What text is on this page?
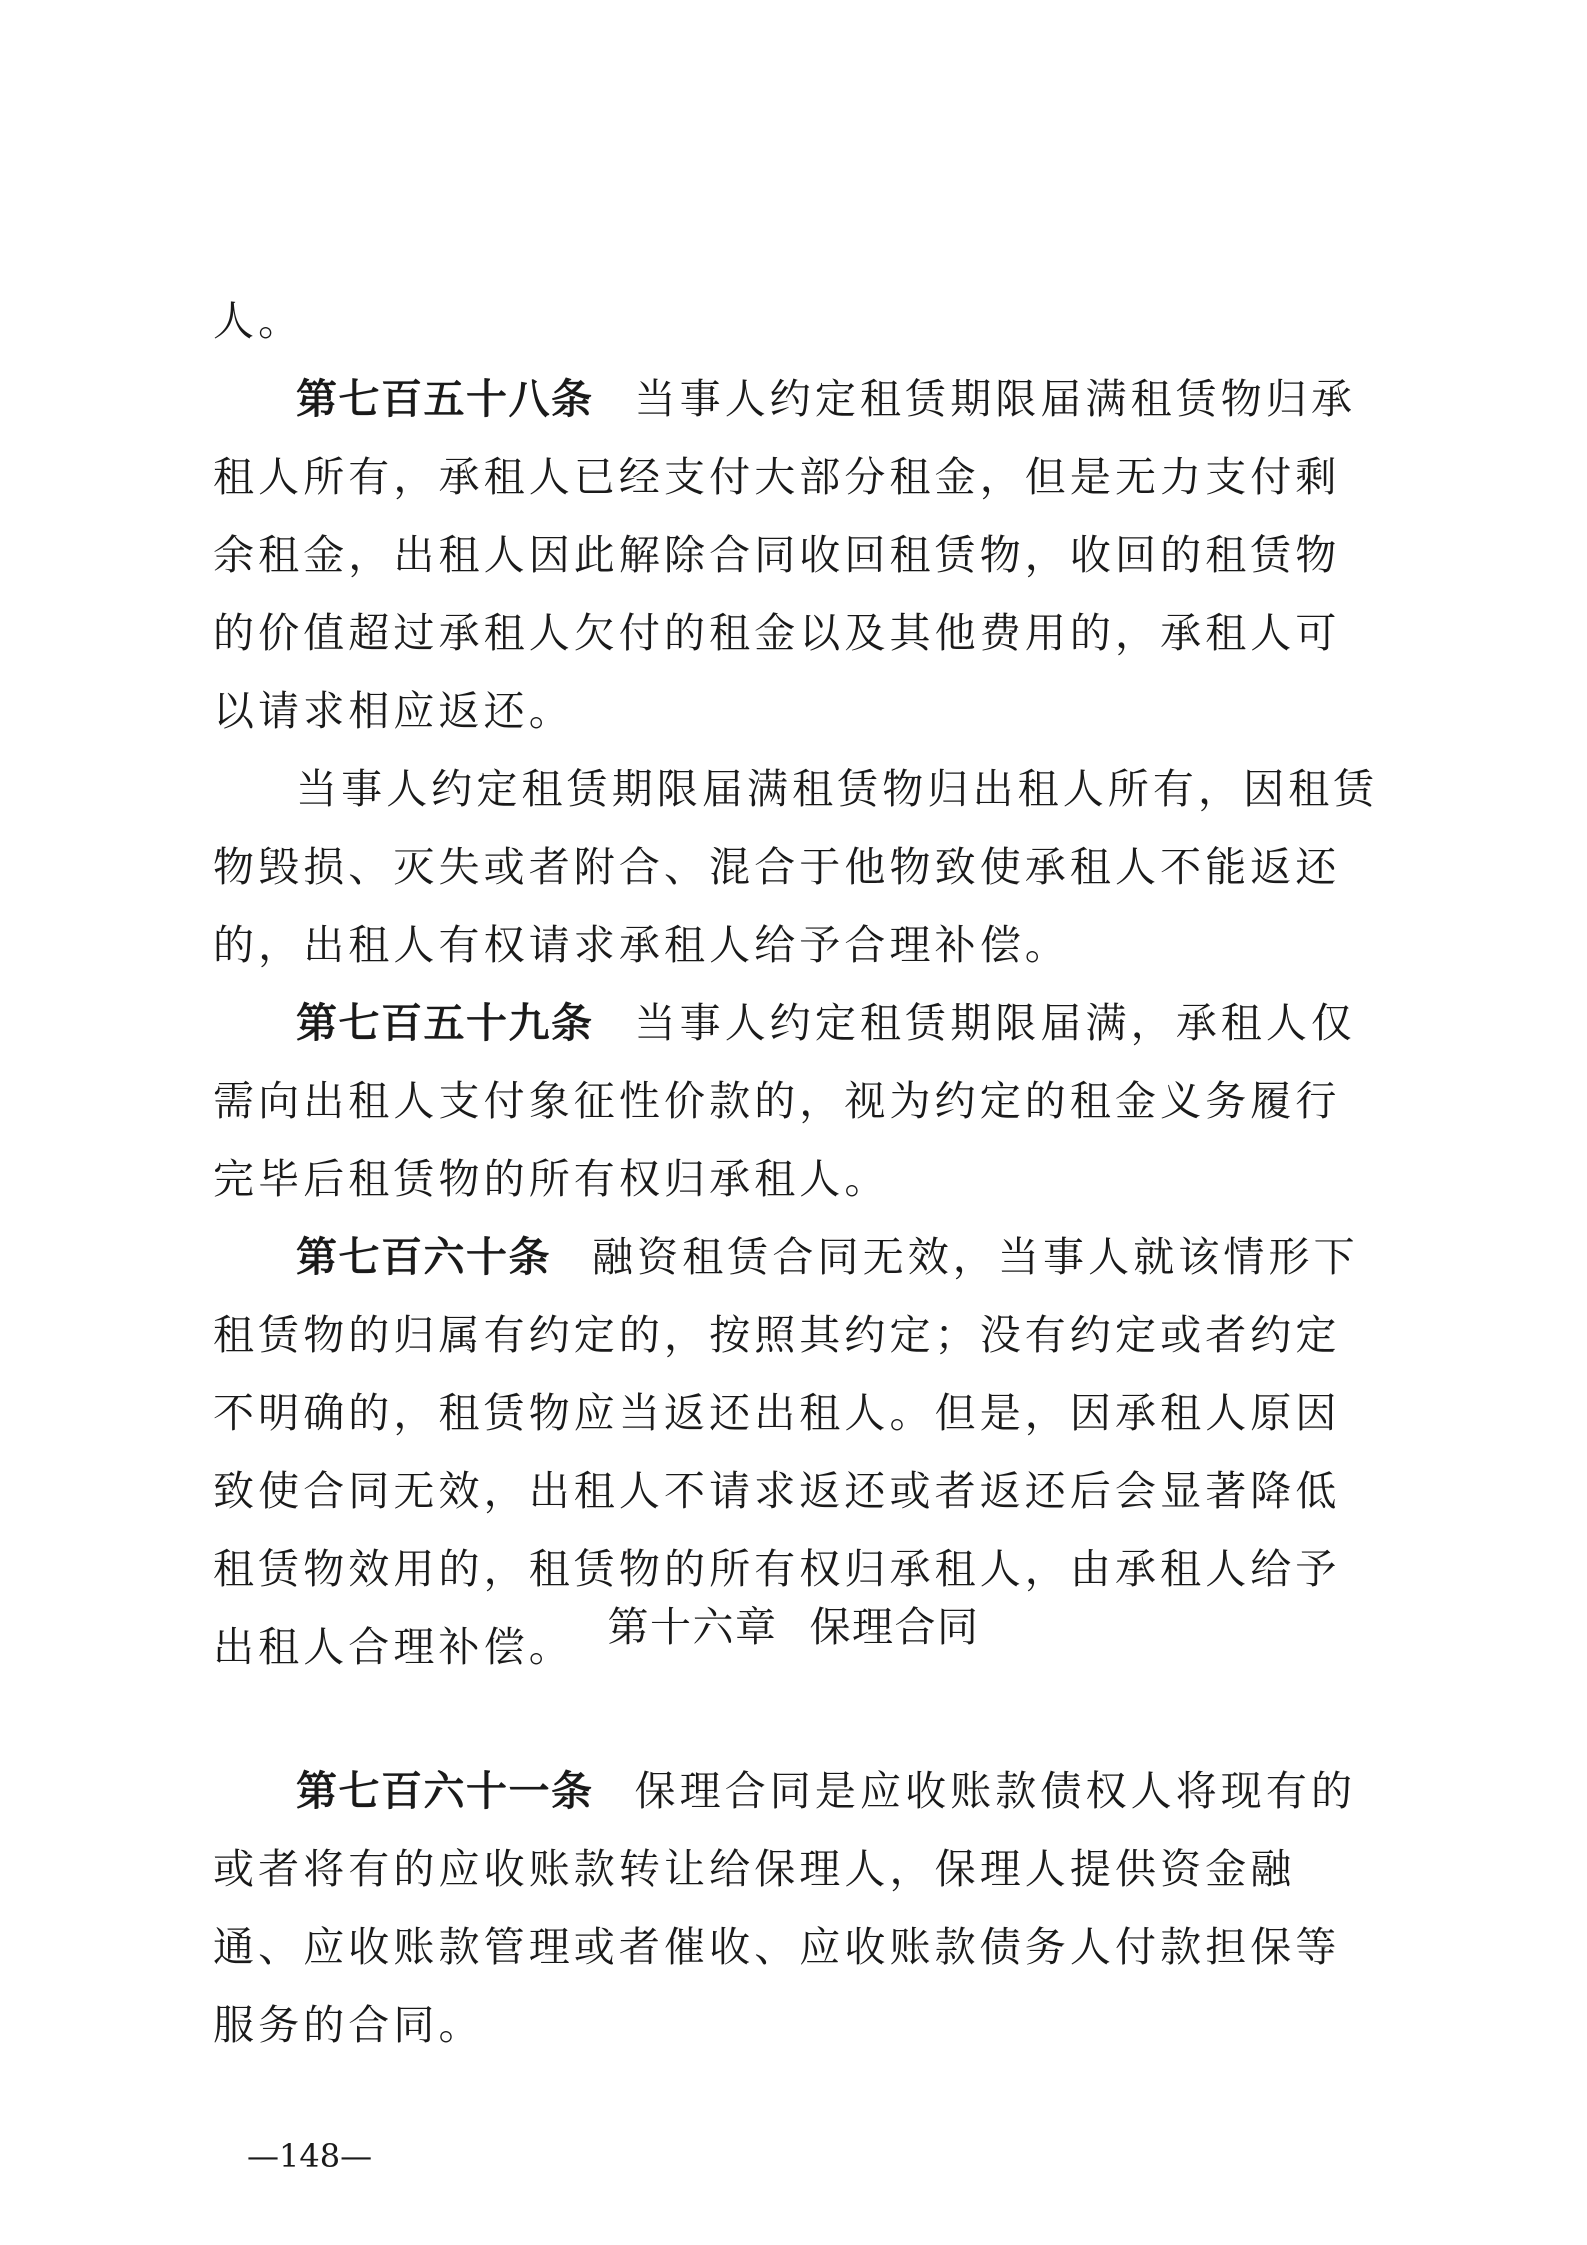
人。

第七百五十八条 当事人约定租赁期限届满租赁物归承租人所有，承租人已经支付大部分租金，但是无力支付剩余租金，出租人因此解除合同收回租赁物，收回的租赁物的价值超过承租人欠付的租金以及其他费用的，承租人可以请求相应返还。

当事人约定租赁期限届满租赁物归出租人所有，因租赁物毁损、灭失或者附合、混合于他物致使承租人不能返还的，出租人有权请求承租人给予合理补偿。

第七百五十九条 当事人约定租赁期限届满，承租人仅需向出租人支付象征性价款的，视为约定的租金义务履行完毕后租赁物的所有权归承租人。

第七百六十条 融资租赁合同无效，当事人就该情形下租赁物的归属有约定的，按照其约定；没有约定或者约定不明确的，租赁物应当返还出租人。但是，因承租人原因致使合同无效，出租人不请求返还或者返还后会显著降低租赁物效用的，租赁物的所有权归承租人，由承租人给予出租人合理补偿。 第十六章 保理合同

第七百六十一条 保理合同是应收账款债权人将现有的或者将有的应收账款转让给保理人，保理人提供资金融通、应收账款管理或者催收、应收账款债务人付款担保等服务的合同。

—148—
